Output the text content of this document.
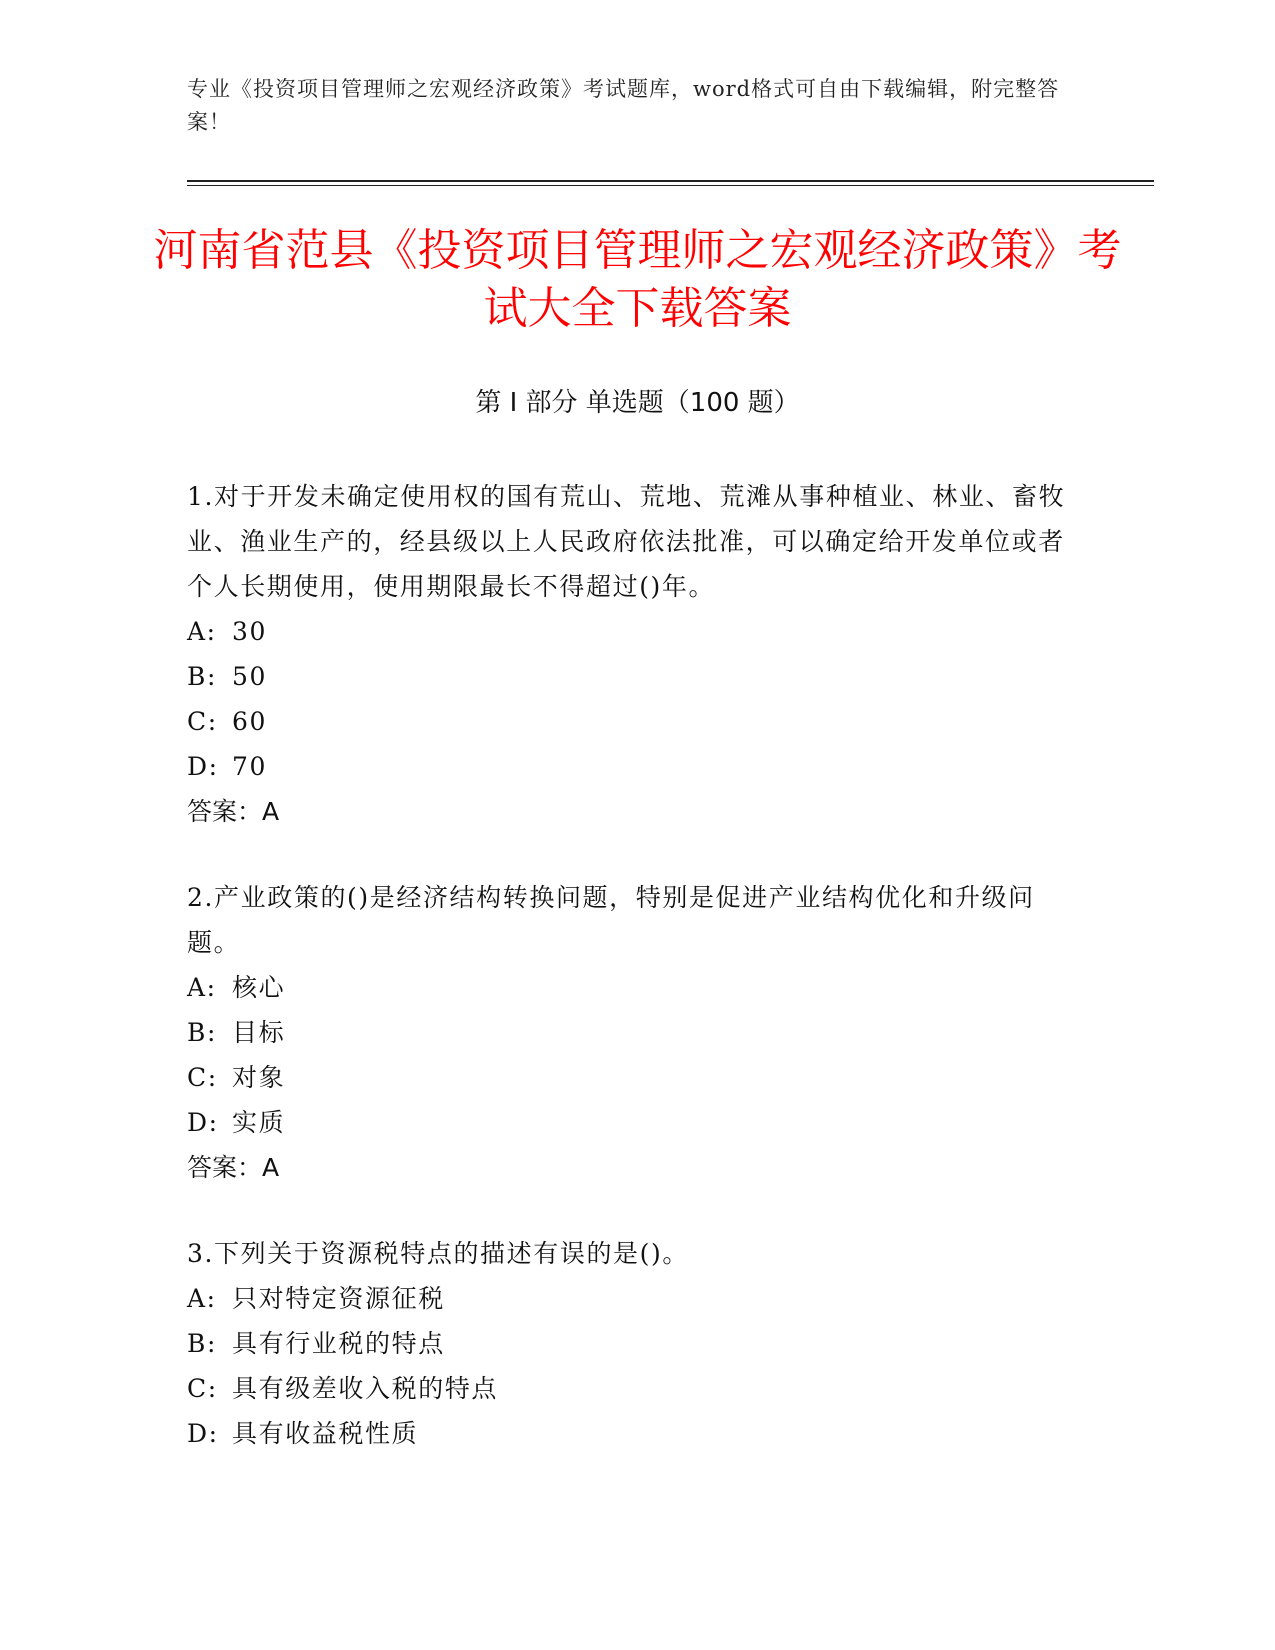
专业《投资项目管理师之宏观经济政策》考试题库，word格式可自由下载编辑，附完整答案！
河南省范县《投资项目管理师之宏观经济政策》考试大全下载答案
第 I 部分 单选题（100 题）

1.对于开发未确定使用权的国有荒山、荒地、荒滩从事种植业、林业、畜牧业、渔业生产的，经县级以上人民政府依法批准，可以确定给开发单位或者个人长期使用，使用期限最长不得超过()年。

A: 30
B: 50
C: 60
D: 70
答案：A

2.产业政策的()是经济结构转换问题，特别是促进产业结构优化和升级问题。

A: 核心
B: 目标
C: 对象
D: 实质
答案：A

3.下列关于资源税特点的描述有误的是()。

A: 只对特定资源征税
B: 具有行业税的特点
C: 具有级差收入税的特点
D: 具有收益税性质
